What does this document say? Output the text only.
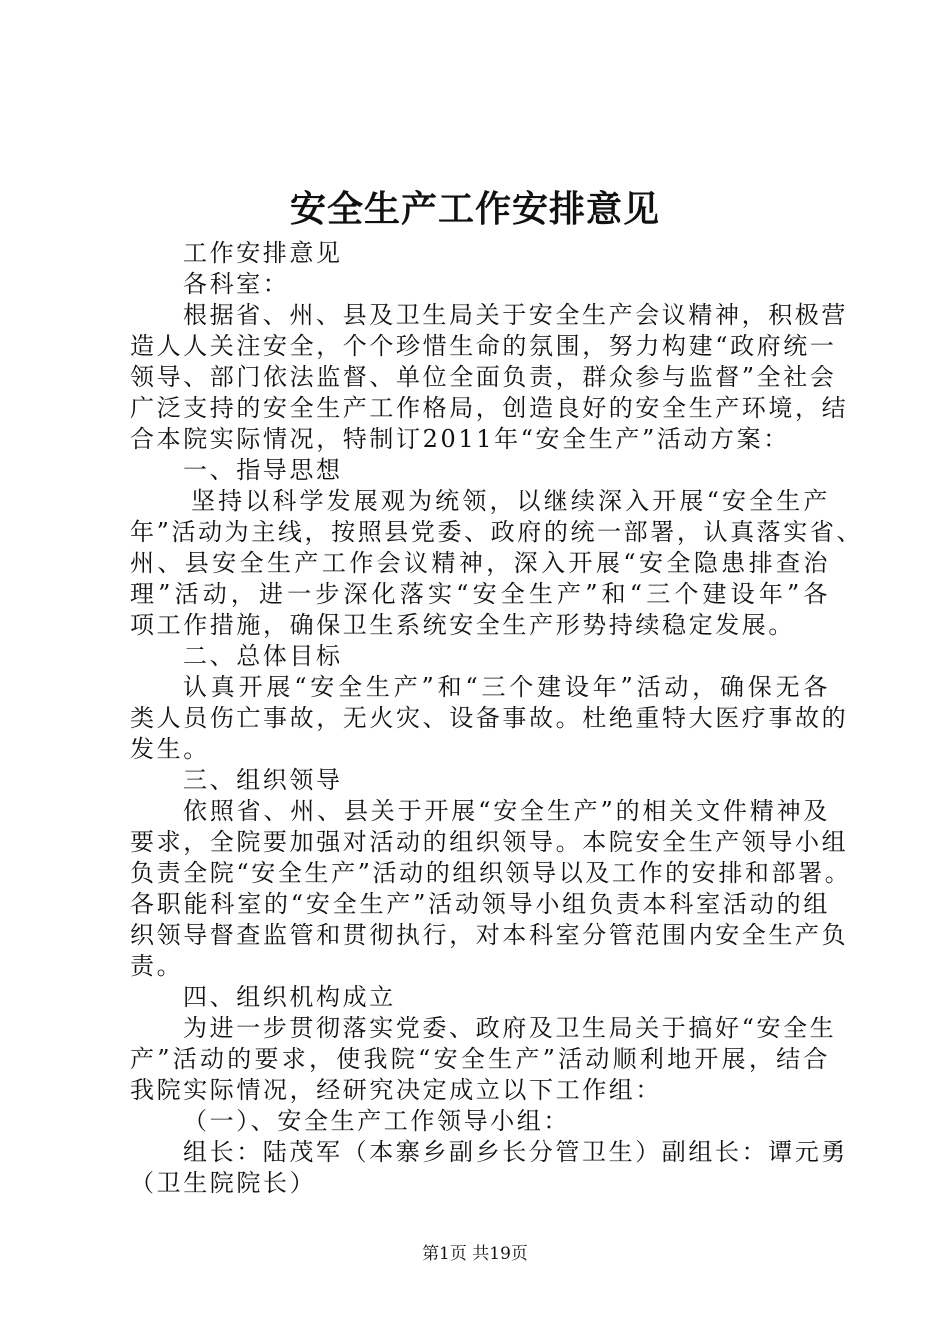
安全生产工作安排意见
工作安排意见
各科室：
根据省、州、县及卫生局关于安全生产会议精神，积极营
造人人关注安全，个个珍惜生命的氛围，努力构建“政府统一
领导、部门依法监督、单位全面负责，群众参与监督”全社会
广泛支持的安全生产工作格局，创造良好的安全生产环境，结
合本院实际情况，特制订2011年“安全生产”活动方案：
一、指导思想
坚持以科学发展观为统领，以继续深入开展“安全生产
年”活动为主线，按照县党委、政府的统一部署，认真落实省、
州、县安全生产工作会议精神，深入开展“安全隐患排查治
理”活动，进一步深化落实“安全生产”和“三个建设年”各
项工作措施，确保卫生系统安全生产形势持续稳定发展。
二、总体目标
认真开展“安全生产”和“三个建设年”活动，确保无各
类人员伤亡事故，无火灾、设备事故。杜绝重特大医疗事故的
发生。
三、组织领导
依照省、州、县关于开展“安全生产”的相关文件精神及
要求，全院要加强对活动的组织领导。本院安全生产领导小组
负责全院“安全生产”活动的组织领导以及工作的安排和部署。
各职能科室的“安全生产”活动领导小组负责本科室活动的组
织领导督查监管和贯彻执行，对本科室分管范围内安全生产负
责。
四、组织机构成立
为进一步贯彻落实党委、政府及卫生局关于搞好“安全生
产”活动的要求，使我院“安全生产”活动顺利地开展，结合
我院实际情况，经研究决定成立以下工作组：
（一）、安全生产工作领导小组：
组长：陆茂军（本寨乡副乡长分管卫生）副组长：谭元勇
（卫生院院长）
第1页 共19页
